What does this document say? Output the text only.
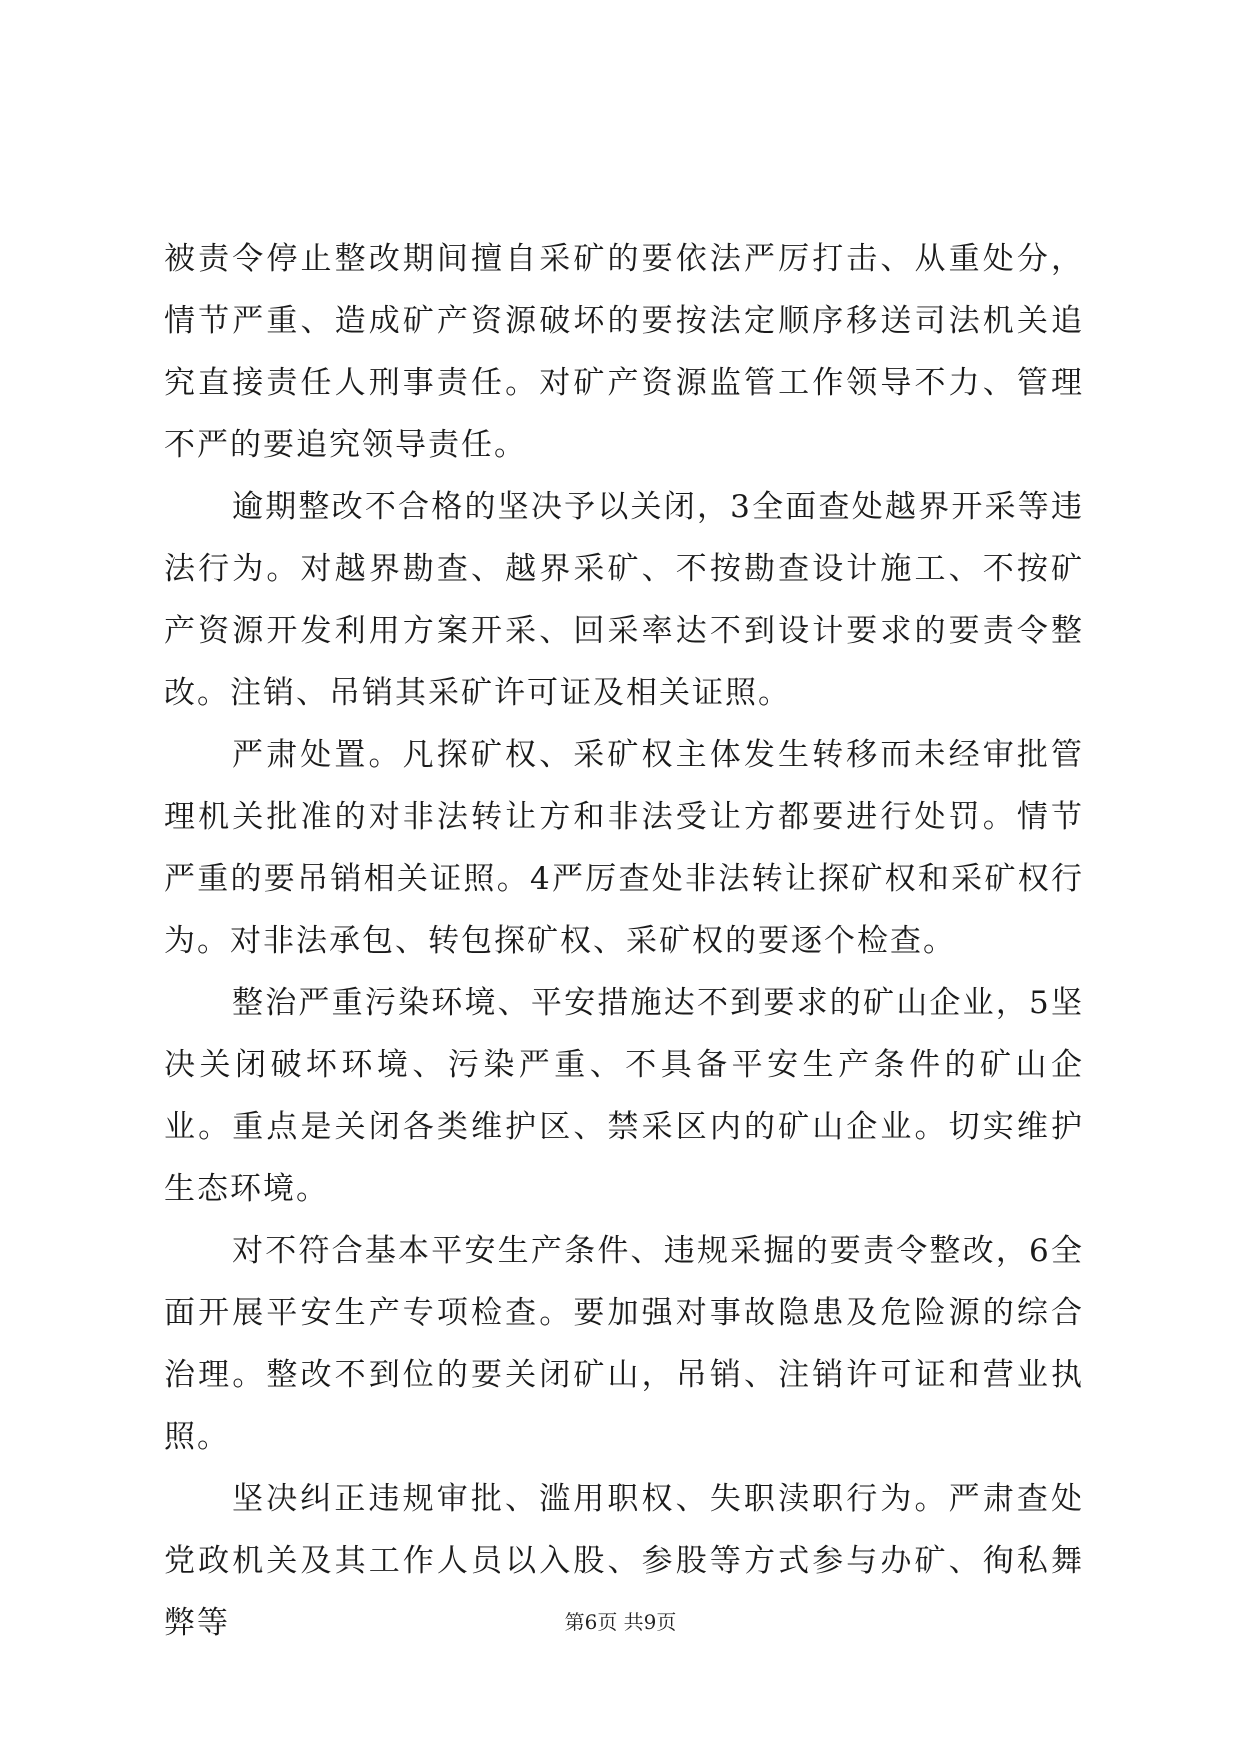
被责令停止整改期间擅自采矿的要依法严厉打击、从重处分，情节严重、造成矿产资源破坏的要按法定顺序移送司法机关追究直接责任人刑事责任。对矿产资源监管工作领导不力、管理不严的要追究领导责任。

逾期整改不合格的坚决予以关闭，3全面查处越界开采等违法行为。对越界勘查、越界采矿、不按勘查设计施工、不按矿产资源开发利用方案开采、回采率达不到设计要求的要责令整改。注销、吊销其采矿许可证及相关证照。

严肃处置。凡探矿权、采矿权主体发生转移而未经审批管理机关批准的对非法转让方和非法受让方都要进行处罚。情节严重的要吊销相关证照。4严厉查处非法转让探矿权和采矿权行为。对非法承包、转包探矿权、采矿权的要逐个检查。

整治严重污染环境、平安措施达不到要求的矿山企业，5坚决关闭破坏环境、污染严重、不具备平安生产条件的矿山企业。重点是关闭各类维护区、禁采区内的矿山企业。切实维护生态环境。

对不符合基本平安生产条件、违规采掘的要责令整改，6全面开展平安生产专项检查。要加强对事故隐患及危险源的综合治理。整改不到位的要关闭矿山，吊销、注销许可证和营业执照。

坚决纠正违规审批、滥用职权、失职渎职行为。严肃查处党政机关及其工作人员以入股、参股等方式参与办矿、徇私舞弊等	第6页 共9页
